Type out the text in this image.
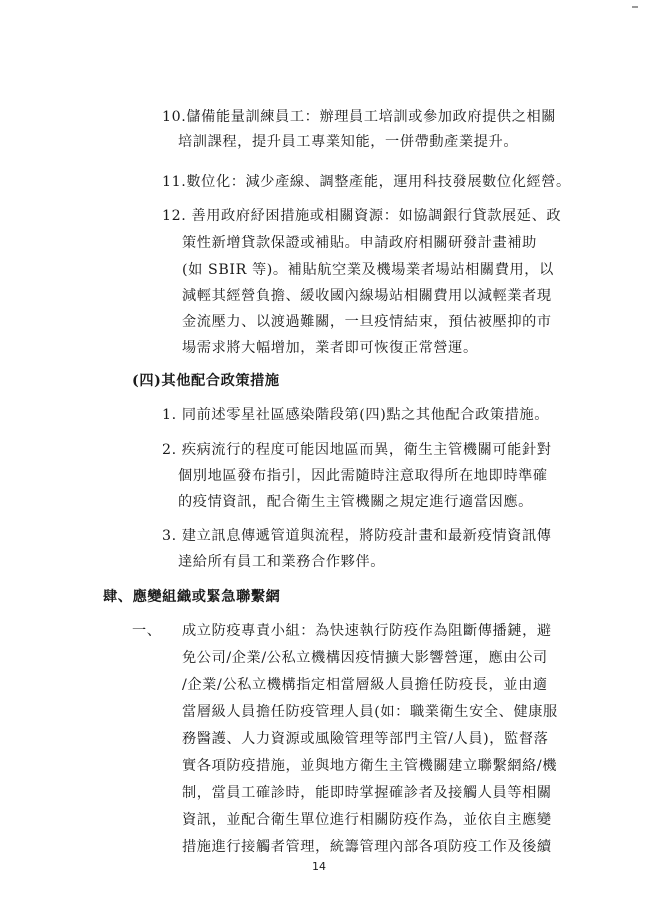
10.儲備能量訓練員工：辦理員工培訓或參加政府提供之相關
培訓課程，提升員工專業知能，一併帶動產業提升。
11.數位化：減少產線、調整產能，運用科技發展數位化經營。
12. 善用政府紓困措施或相關資源：如協調銀行貸款展延、政
策性新增貸款保證或補貼。申請政府相關研發計畫補助
(如 SBIR 等)。補貼航空業及機場業者場站相關費用，以
減輕其經營負擔、緩收國內線場站相關費用以減輕業者現
金流壓力、以渡過難關，一旦疫情結束，預估被壓抑的市
場需求將大幅增加，業者即可恢復正常營運。
(四)其他配合政策措施
1. 同前述零星社區感染階段第(四)點之其他配合政策措施。
2. 疾病流行的程度可能因地區而異，衛生主管機關可能針對
個別地區發布指引，因此需隨時注意取得所在地即時準確
的疫情資訊，配合衛生主管機關之規定進行適當因應。
3. 建立訊息傳遞管道與流程，將防疫計畫和最新疫情資訊傳
達給所有員工和業務合作夥伴。
肆、應變組織或緊急聯繫網
一、 成立防疫專責小組：為快速執行防疫作為阻斷傳播鏈，避
免公司/企業/公私立機構因疫情擴大影響營運，應由公司
/企業/公私立機構指定相當層級人員擔任防疫長，並由適
當層級人員擔任防疫管理人員(如：職業衛生安全、健康服
務醫護、人力資源或風險管理等部門主管/人員)，監督落
實各項防疫措施，並與地方衛生主管機關建立聯繫網絡/機
制，當員工確診時，能即時掌握確診者及接觸人員等相關
資訊，並配合衛生單位進行相關防疫作為，並依自主應變
措施進行接觸者管理，統籌管理內部各項防疫工作及後續
14
